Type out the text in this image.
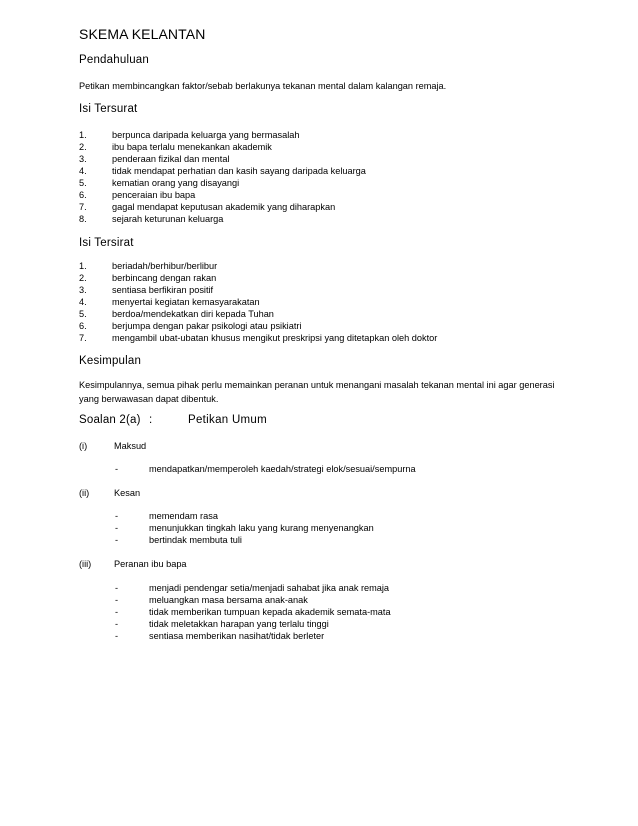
SKEMA KELANTAN
Pendahuluan
Petikan membincangkan faktor/sebab berlakunya tekanan mental dalam kalangan remaja.
Isi Tersurat
1.	berpunca daripada keluarga yang bermasalah
2.	ibu bapa terlalu menekankan akademik
3.	penderaan fizikal dan mental
4.	tidak mendapat perhatian dan kasih sayang daripada keluarga
5.	kematian orang yang disayangi
6.	penceraian ibu bapa
7.	gagal mendapat keputusan akademik yang diharapkan
8.	sejarah keturunan keluarga
Isi Tersirat
1.	beriadah/berhibur/berlibur
2.	berbincang dengan rakan
3.	sentiasa berfikiran positif
4.	menyertai kegiatan kemasyarakatan
5.	berdoa/mendekatkan diri kepada Tuhan
6.	berjumpa dengan pakar psikologi atau psikiatri
7.	mengambil ubat-ubatan khusus mengikut preskripsi yang ditetapkan oleh doktor
Kesimpulan
Kesimpulannya, semua pihak perlu memainkan peranan untuk menangani masalah tekanan mental ini agar generasi yang berwawasan dapat dibentuk.
Soalan 2(a) :	Petikan Umum
(i)	Maksud
-	mendapatkan/memperoleh kaedah/strategi elok/sesuai/sempurna
(ii)	Kesan
-	memendam rasa
-	menunjukkan tingkah laku yang kurang menyenangkan
-	bertindak membuta tuli
(iii) Peranan ibu bapa
-	menjadi pendengar setia/menjadi sahabat jika anak remaja
-	meluangkan masa bersama anak-anak
-	tidak memberikan tumpuan kepada akademik semata-mata
-	tidak meletakkan harapan yang terlalu tinggi
-	sentiasa memberikan nasihat/tidak berleter
